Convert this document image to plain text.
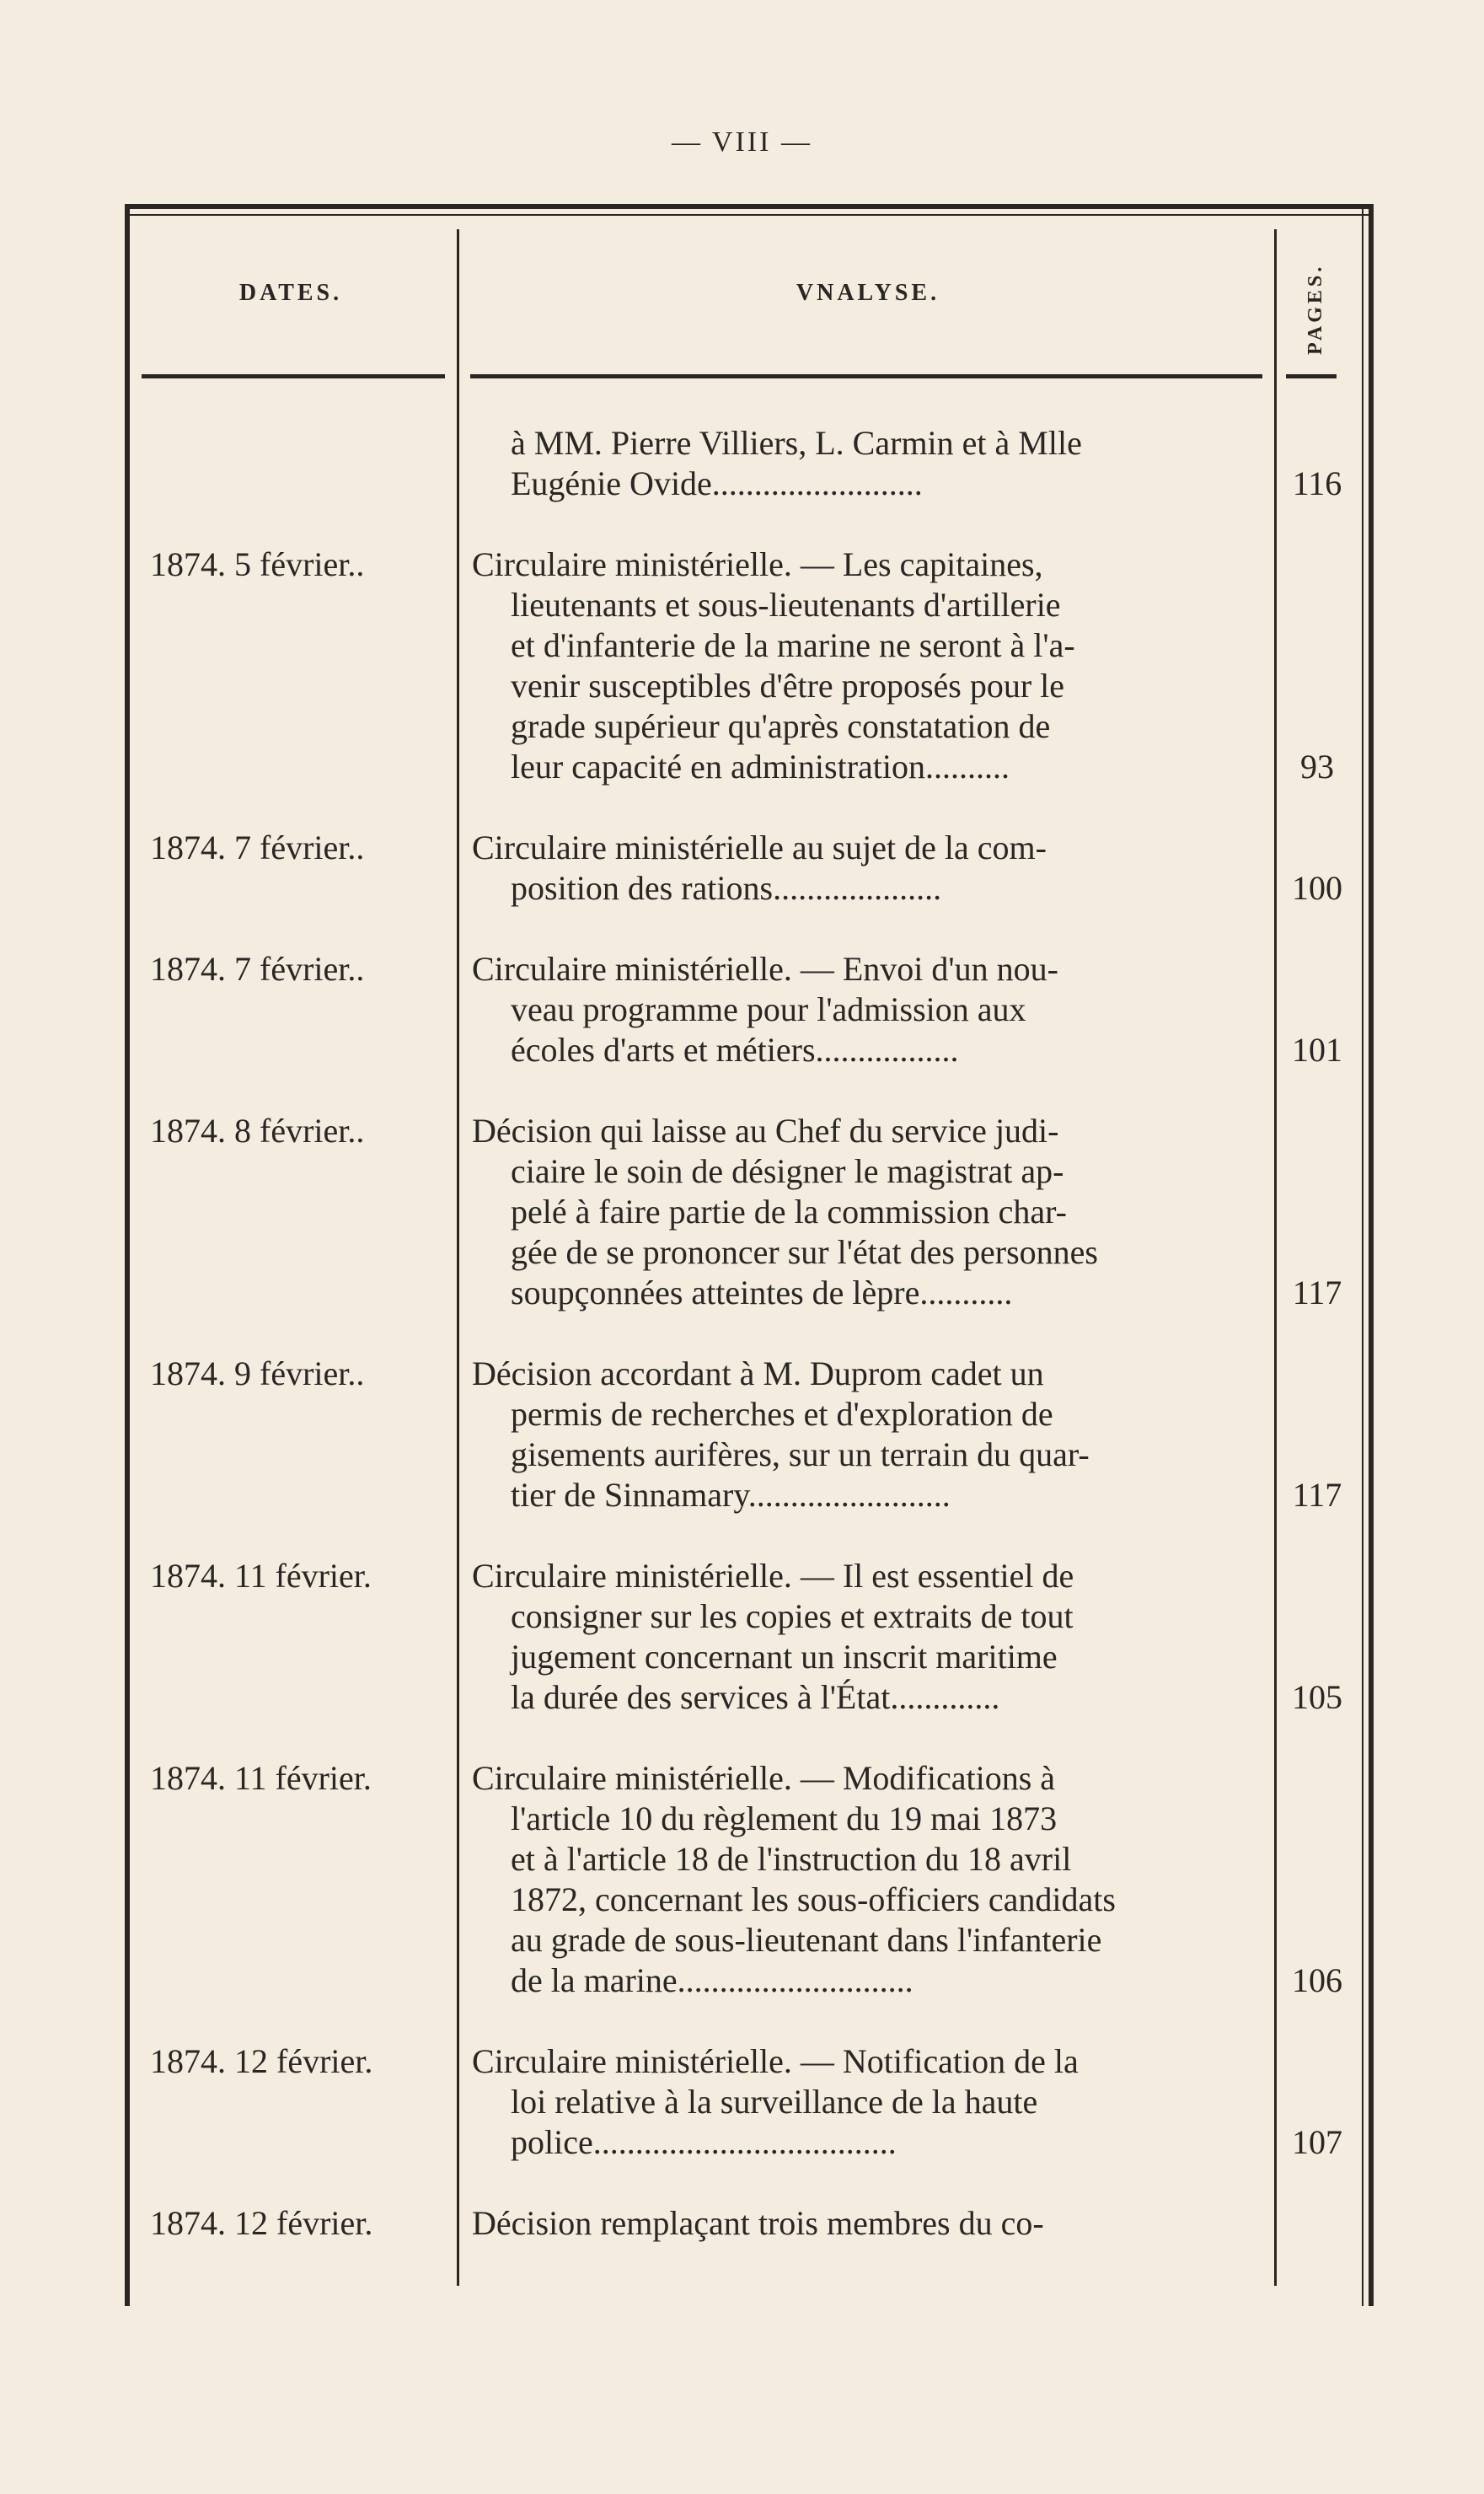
— VIII —
DATES.	VNALYSE.	PAGES.
à MM. Pierre Villiers, L. Carmin et à Mlle
Eugénie Ovide.........................	116
1874. 5 février..	Circulaire ministérielle. — Les capitaines,
lieutenants et sous-lieutenants d'artillerie
et d'infanterie de la marine ne seront à l'a-
venir susceptibles d'être proposés pour le
grade supérieur qu'après constatation de
leur capacité en administration..........	93
1874. 7 février..	Circulaire ministérielle au sujet de la com-
position des rations....................	100
1874. 7 février..	Circulaire ministérielle. — Envoi d'un nou-
veau programme pour l'admission aux
écoles d'arts et métiers.................	101
1874. 8 février..	Décision qui laisse au Chef du service judi-
ciaire le soin de désigner le magistrat ap-
pelé à faire partie de la commission char-
gée de se prononcer sur l'état des personnes
soupçonnées atteintes de lèpre...........	117
1874. 9 février..	Décision accordant à M. Duprom cadet un
permis de recherches et d'exploration de
gisements aurifères, sur un terrain du quar-
tier de Sinnamary........................	117
1874. 11 février.	Circulaire ministérielle. — Il est essentiel de
consigner sur les copies et extraits de tout
jugement concernant un inscrit maritime
la durée des services à l'État.............	105
1874. 11 février.	Circulaire ministérielle. — Modifications à
l'article 10 du règlement du 19 mai 1873
et à l'article 18 de l'instruction du 18 avril
1872, concernant les sous-officiers candidats
au grade de sous-lieutenant dans l'infanterie
de la marine............................	106
1874. 12 février.	Circulaire ministérielle. — Notification de la
loi relative à la surveillance de la haute
police....................................	107
1874. 12 février.	Décision remplaçant trois membres du co-
